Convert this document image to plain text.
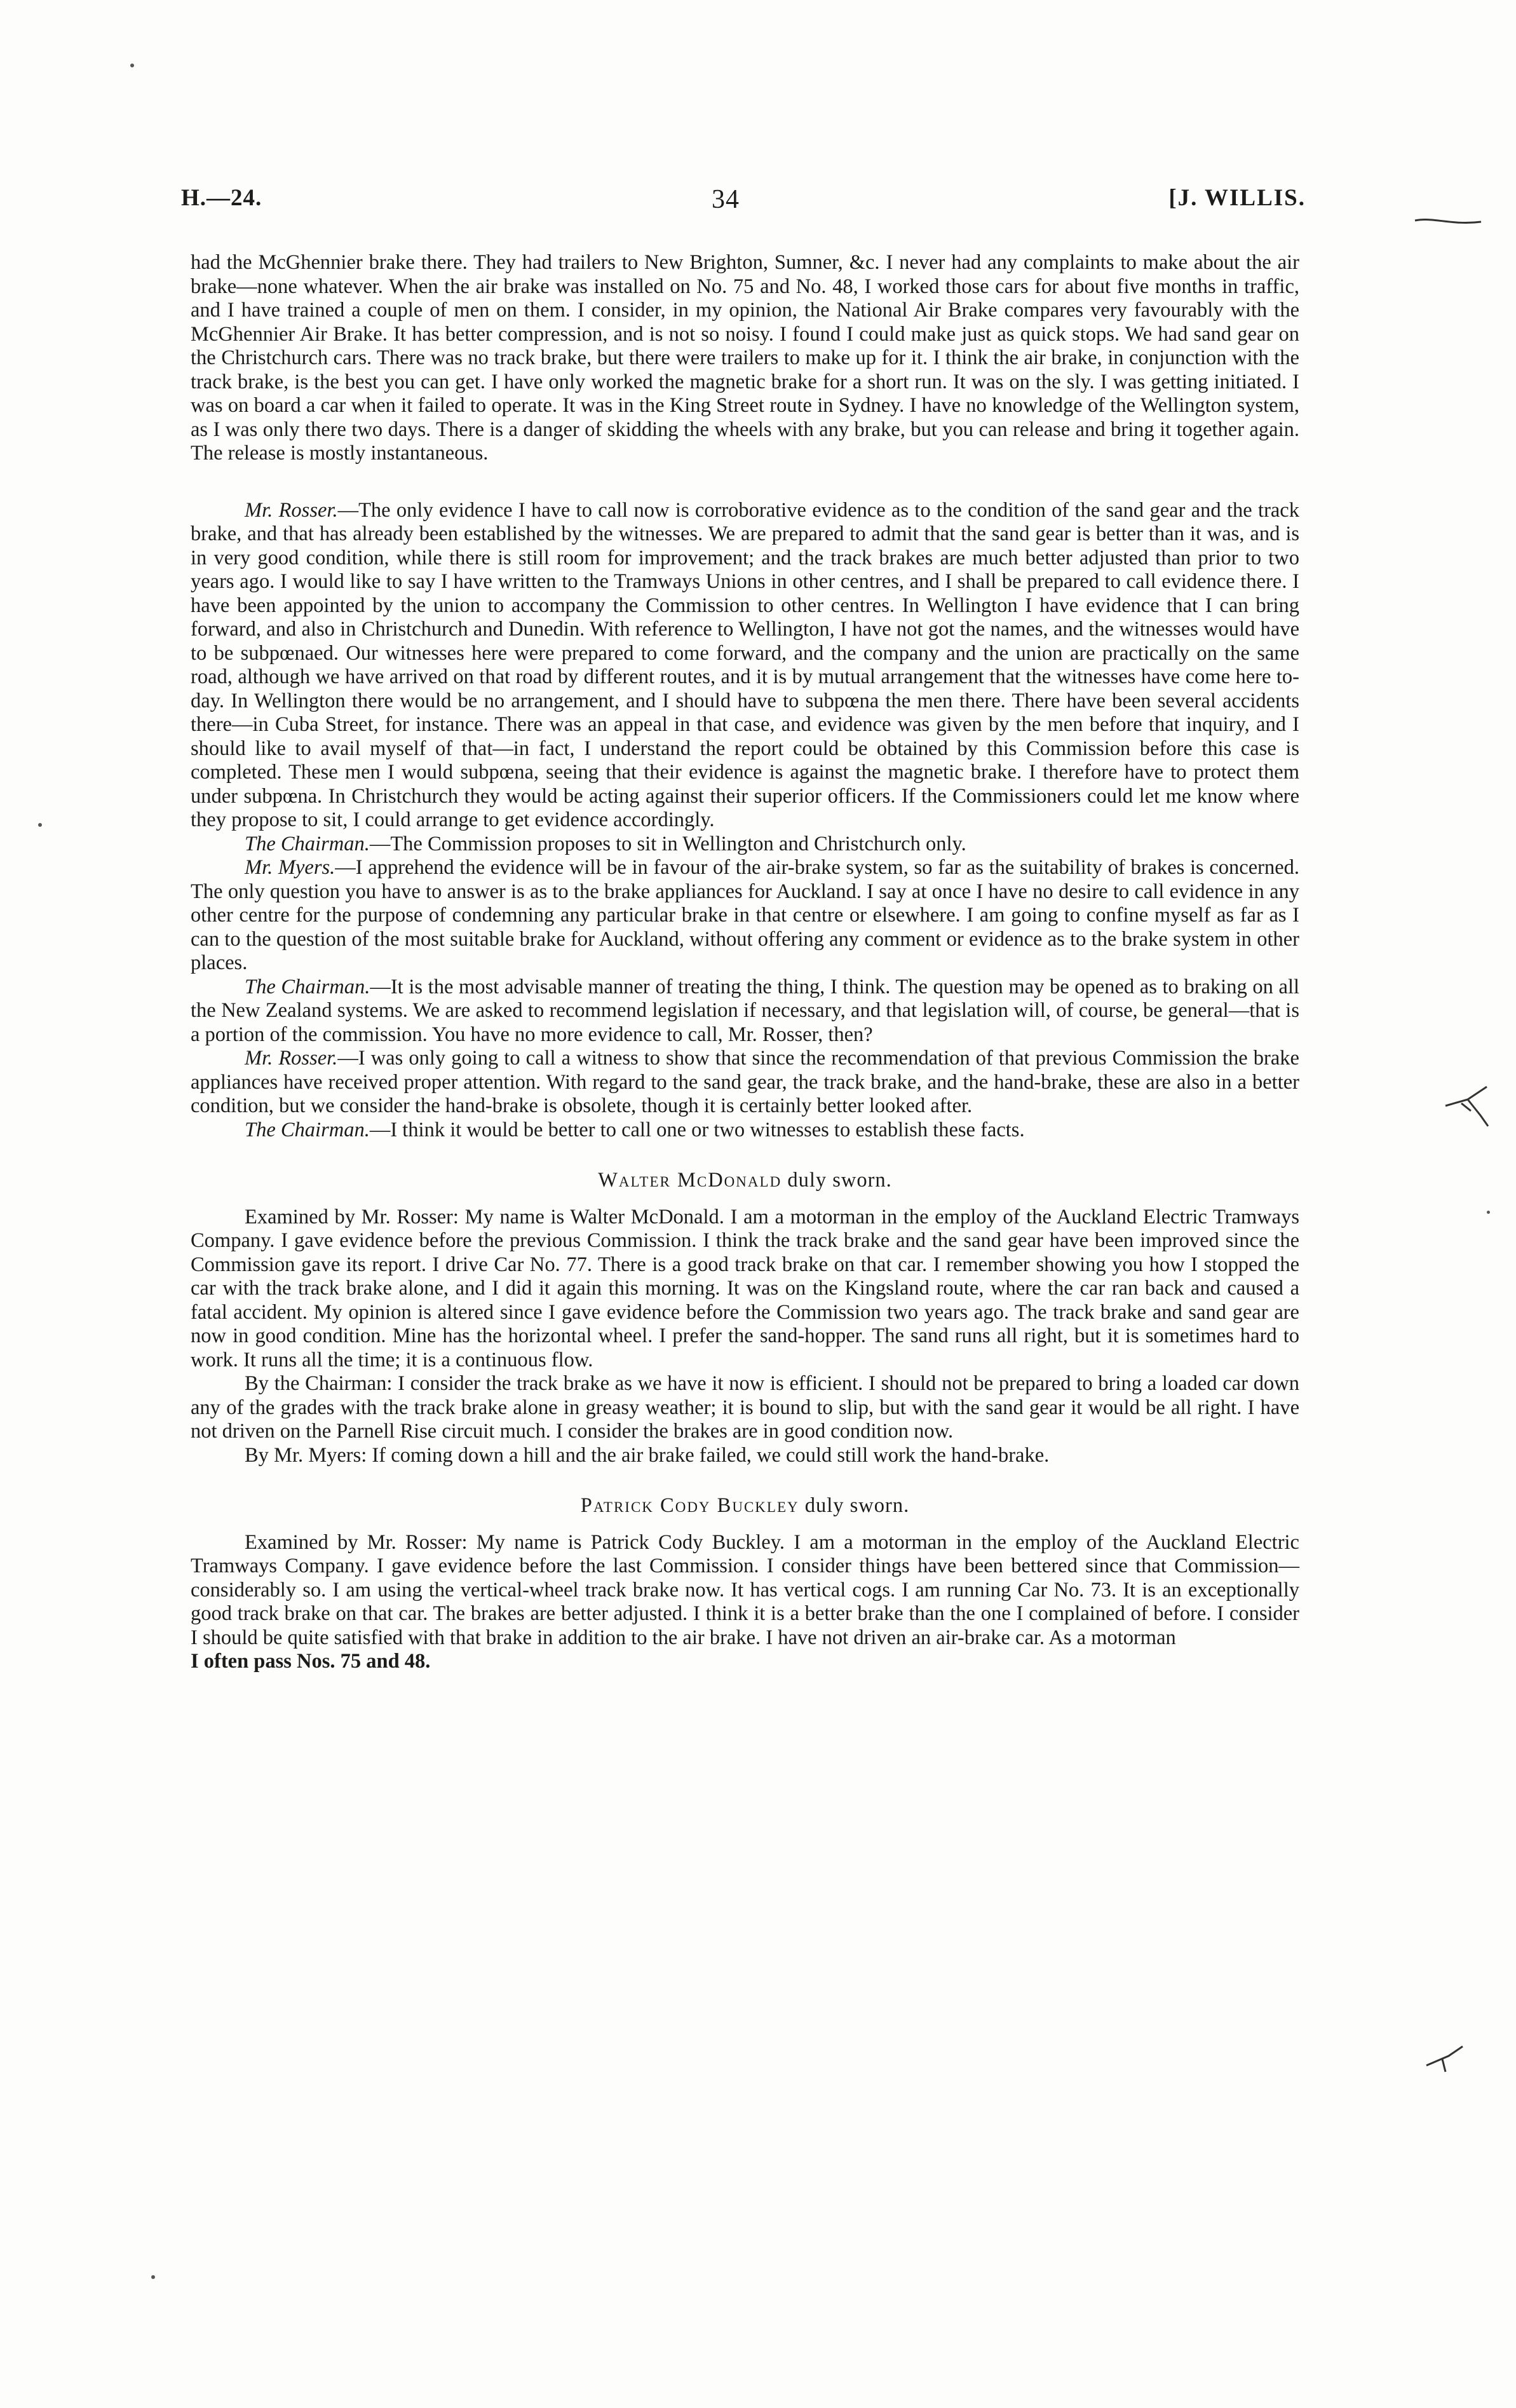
H.—24.	34	[J. WILLIS.

had the McGhennier brake there. They had trailers to New Brighton, Sumner, &c. I never had any complaints to make about the air brake—none whatever. When the air brake was installed on No. 75 and No. 48, I worked those cars for about five months in traffic, and I have trained a couple of men on them. I consider, in my opinion, the National Air Brake compares very favourably with the McGhennier Air Brake. It has better compression, and is not so noisy. I found I could make just as quick stops. We had sand gear on the Christchurch cars. There was no track brake, but there were trailers to make up for it. I think the air brake, in conjunction with the track brake, is the best you can get. I have only worked the magnetic brake for a short run. It was on the sly. I was getting initiated. I was on board a car when it failed to operate. It was in the King Street route in Sydney. I have no knowledge of the Wellington system, as I was only there two days. There is a danger of skidding the wheels with any brake, but you can release and bring it together again. The release is mostly instantaneous.

Mr. Rosser.—The only evidence I have to call now is corroborative evidence as to the condition of the sand gear and the track brake, and that has already been established by the witnesses. We are prepared to admit that the sand gear is better than it was, and is in very good condition, while there is still room for improvement; and the track brakes are much better adjusted than prior to two years ago. I would like to say I have written to the Tramways Unions in other centres, and I shall be prepared to call evidence there. I have been appointed by the union to accompany the Commission to other centres. In Wellington I have evidence that I can bring forward, and also in Christchurch and Dunedin. With reference to Wellington, I have not got the names, and the witnesses would have to be subpœnaed. Our witnesses here were prepared to come forward, and the company and the union are practically on the same road, although we have arrived on that road by different routes, and it is by mutual arrangement that the witnesses have come here to-day. In Wellington there would be no arrangement, and I should have to subpœna the men there. There have been several accidents there—in Cuba Street, for instance. There was an appeal in that case, and evidence was given by the men before that inquiry, and I should like to avail myself of that—in fact, I understand the report could be obtained by this Commission before this case is completed. These men I would subpœna, seeing that their evidence is against the magnetic brake. I therefore have to protect them under subpœna. In Christchurch they would be acting against their superior officers. If the Commissioners could let me know where they propose to sit, I could arrange to get evidence accordingly.

The Chairman.—The Commission proposes to sit in Wellington and Christchurch only.

Mr. Myers.—I apprehend the evidence will be in favour of the air-brake system, so far as the suitability of brakes is concerned. The only question you have to answer is as to the brake appliances for Auckland. I say at once I have no desire to call evidence in any other centre for the purpose of condemning any particular brake in that centre or elsewhere. I am going to confine myself as far as I can to the question of the most suitable brake for Auckland, without offering any comment or evidence as to the brake system in other places.

The Chairman.—It is the most advisable manner of treating the thing, I think. The question may be opened as to braking on all the New Zealand systems. We are asked to recommend legislation if necessary, and that legislation will, of course, be general—that is a portion of the commission. You have no more evidence to call, Mr. Rosser, then?

Mr. Rosser.—I was only going to call a witness to show that since the recommendation of that previous Commission the brake appliances have received proper attention. With regard to the sand gear, the track brake, and the hand-brake, these are also in a better condition, but we consider the hand-brake is obsolete, though it is certainly better looked after.

The Chairman.—I think it would be better to call one or two witnesses to establish these facts.

Walter McDonald duly sworn.

Examined by Mr. Rosser: My name is Walter McDonald. I am a motorman in the employ of the Auckland Electric Tramways Company. I gave evidence before the previous Commission. I think the track brake and the sand gear have been improved since the Commission gave its report. I drive Car No. 77. There is a good track brake on that car. I remember showing you how I stopped the car with the track brake alone, and I did it again this morning. It was on the Kingsland route, where the car ran back and caused a fatal accident. My opinion is altered since I gave evidence before the Commission two years ago. The track brake and sand gear are now in good condition. Mine has the horizontal wheel. I prefer the sand-hopper. The sand runs all right, but it is sometimes hard to work. It runs all the time; it is a continuous flow.

By the Chairman: I consider the track brake as we have it now is efficient. I should not be prepared to bring a loaded car down any of the grades with the track brake alone in greasy weather; it is bound to slip, but with the sand gear it would be all right. I have not driven on the Parnell Rise circuit much. I consider the brakes are in good condition now.

By Mr. Myers: If coming down a hill and the air brake failed, we could still work the hand-brake.

Patrick Cody Buckley duly sworn.

Examined by Mr. Rosser: My name is Patrick Cody Buckley. I am a motorman in the employ of the Auckland Electric Tramways Company. I gave evidence before the last Commission. I consider things have been bettered since that Commission—considerably so. I am using the vertical-wheel track brake now. It has vertical cogs. I am running Car No. 73. It is an exceptionally good track brake on that car. The brakes are better adjusted. I think it is a better brake than the one I complained of before. I consider I should be quite satisfied with that brake in addition to the air brake. I have not driven an air-brake car. As a motorman

I often pass Nos. 75 and 48.
